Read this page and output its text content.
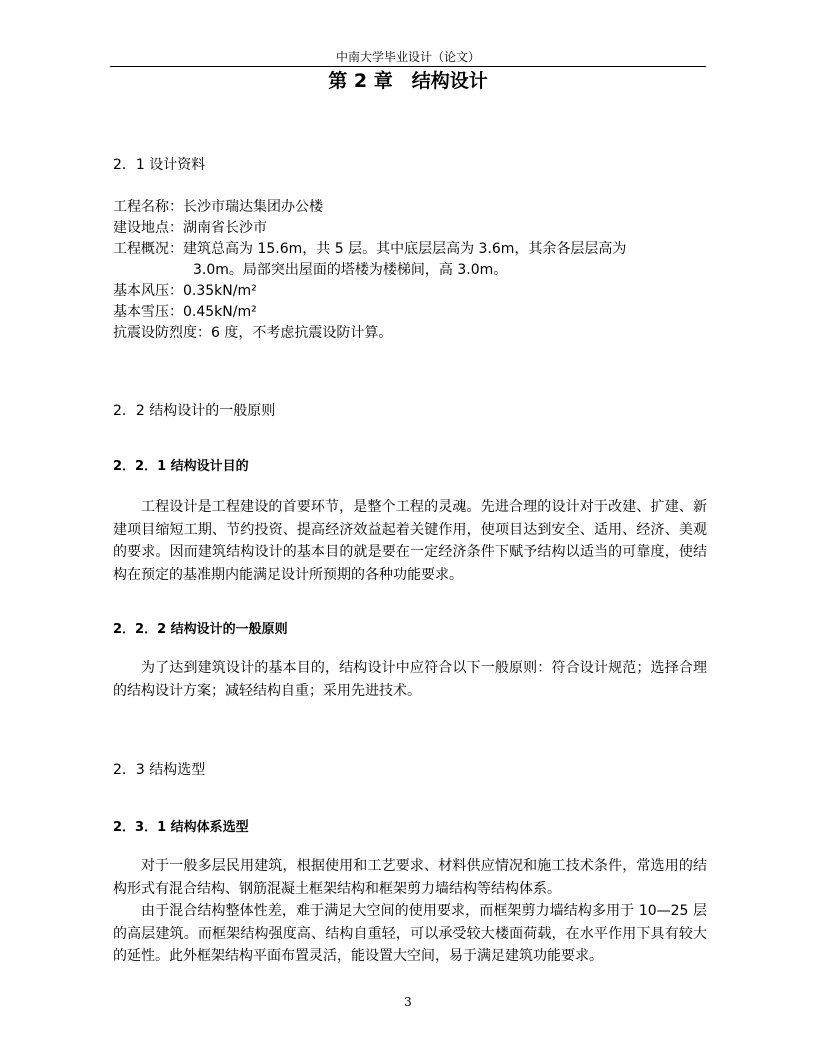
中南大学毕业设计（论文）
第 2 章　结构设计
2．1 设计资料
工程名称：长沙市瑞达集团办公楼
建设地点：湖南省长沙市
工程概况：建筑总高为 15.6m，共 5 层。其中底层层高为 3.6m，其余各层层高为
3.0m。局部突出屋面的塔楼为楼梯间，高 3.0m。
基本风压：0.35kN/m²
基本雪压：0.45kN/m²
抗震设防烈度：6 度，不考虑抗震设防计算。
2．2 结构设计的一般原则
2．2．1 结构设计目的

工程设计是工程建设的首要环节，是整个工程的灵魂。先进合理的设计对于改建、扩建、新建项目缩短工期、节约投资、提高经济效益起着关键作用，使项目达到安全、适用、经济、美观的要求。因而建筑结构设计的基本目的就是要在一定经济条件下赋予结构以适当的可靠度，使结构在预定的基准期内能满足设计所预期的各种功能要求。

2．2．2 结构设计的一般原则

为了达到建筑设计的基本目的，结构设计中应符合以下一般原则：符合设计规范；选择合理的结构设计方案；减轻结构自重；采用先进技术。

2．3 结构选型
2．3．1 结构体系选型

对于一般多层民用建筑，根据使用和工艺要求、材料供应情况和施工技术条件，常选用的结构形式有混合结构、钢筋混凝土框架结构和框架剪力墙结构等结构体系。

由于混合结构整体性差，难于满足大空间的使用要求，而框架剪力墙结构多用于 10—25 层的高层建筑。而框架结构强度高、结构自重轻，可以承受较大楼面荷载，在水平作用下具有较大的延性。此外框架结构平面布置灵活，能设置大空间，易于满足建筑功能要求。

3
